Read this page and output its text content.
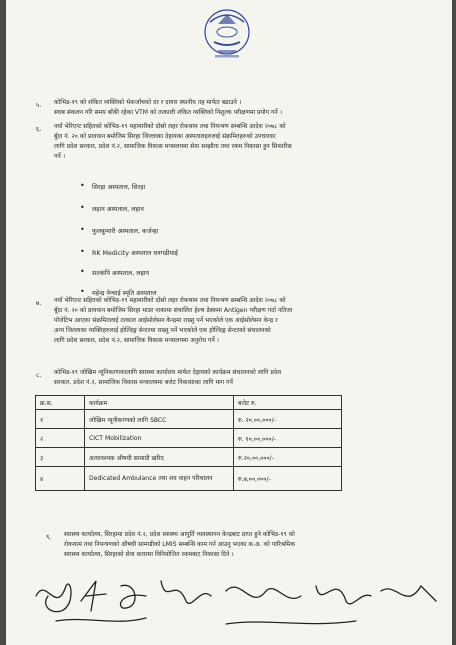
५. कोभिड-१९ को शंकित व्यक्तिको भेकजाँचको दर र दायरा स्थानीय तह मार्फत बढाउने ।
स्वाब संकलन गरि समय बाँकी रहेका VTM को तत्काली शंकित व्यक्तिको निशुल्क परीक्षणमा प्रयोग गर्ने ।
६. नयाँ भेरिएन्ट सहितको कोभिड-१९ महामारीको दोस्रो लहर रोकथाम तथा नियन्त्रण सम्बन्धि आदेश २०७८ को
बुँदा नं. २० को प्रावधान बमोजिम सिरहा जिल्लाका देहायका अस्पतालहरुलाई संक्रमितहरुको उपचारका
लागि प्रदेश सरकार, प्रदेश नं.२, सामाजिक विकास मन्त्रालयमा सेवा सम्झौता तथा रकम निकासा हुन सिफारिस
गर्ने ।
• सिरहा अस्पताल, सिरहा
• लहान अस्पताल, लहान
• फुलकुमारी अस्पताल, कर्जन्हा
• RK Medicity अस्पताल धनगढीमाई
• सतकंपि अस्पताल, लहान
• महेन्द्र नेन्चाई स्मृति अस्पताल
७. नयाँ भेरिएन्ट सहितको कोभिड-१९ महामारीको दोस्रो लहर रोकथाम तथा नियन्त्रण सम्बन्धि आदेश २०७८ को
बुँदा नं. २० को प्रावधान बमोजिम सिरहा माडर नाकामा संचालित हेल्थ डेस्कमा Antigen परीक्षण गर्दा नतिजा
पोजेटिभ आएका संक्रमितलाई तत्काल आईसोलेसन केन्द्रमा राख्नु पर्ने भएकोले एक आईसोलेसन केन्द्र र
अन्य जिल्लाका व्यक्तिहरुलाई होल्डिङ्ग सेन्टरमा राख्नु पर्ने भएकोले एक होल्डिङ्ग सेन्टरको संचालनको
लागि प्रदेश सरकार, प्रदेश नं.२, सामाजिक विकास मन्त्रालयमा अनुरोध गर्ने ।
८. कोभिड-१९ जोखिम न्यूनिकरणकालागि स्वास्थ्य कार्यालय मार्फत देहायको कार्यक्रम संचालनको लागि प्रदेश
सरकार, प्रदेश नं.२, सामाजिक विकास मन्त्रालयमा बजेट निकासाका लागि माग गर्ने
क्र.स.	कार्यक्रम	बजेट रु.
१	जोखिम न्यूनीकरणको लागि SBCC	रु. २०,००,०००/-
२	CICT Mobilization	रु. १०,००,०००/-
३	अत्यावश्यक औषधी सामाग्री खरिद	रु.२०,००,०००/-
४	Dedicated Ambulance तथा शव वाहन परिचालन	रु.७,००,०००/-
९. स्वास्थ्य कार्यालय, सिरहामा प्रदेश नं.२, प्रदेश स्वास्थ्य आपूर्ति व्यवस्थापन केन्द्रबाट प्राप्त हुने कोभिड-१९ को
रोकथाम तथा नियन्त्रणको औषधी सामाग्रीको LMIS सम्बन्धि काम गर्न आउनु भएका क.अ. को पारिश्रमिक
स्वास्थ्य कार्यालय, सिरहाको सेवा करारमा विनियोजित रकमबाट निकासा दिने ।
